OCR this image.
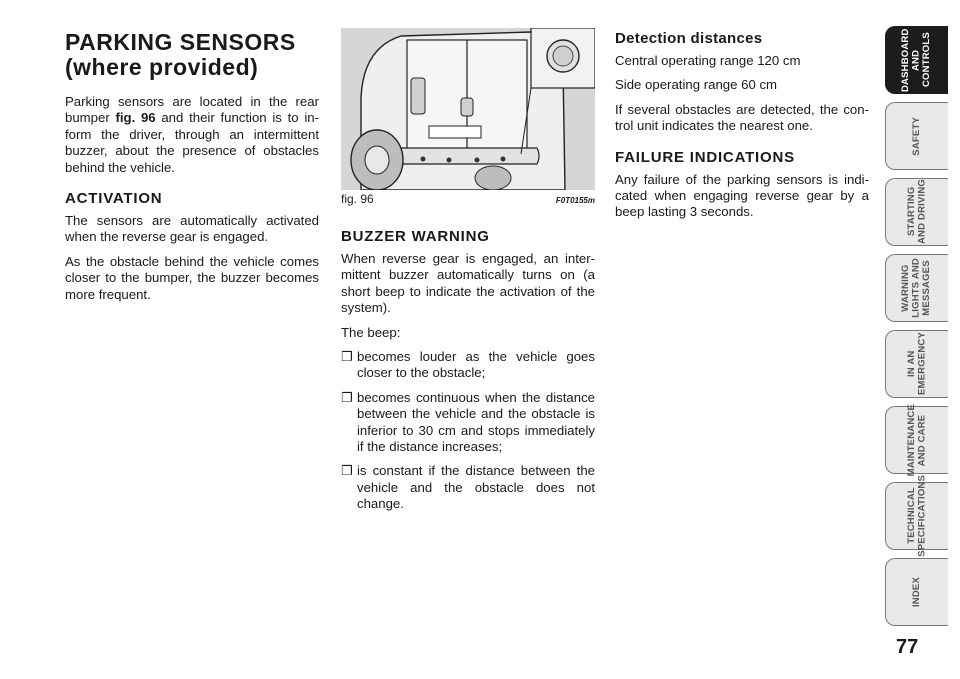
PARKING SENSORS
(where provided)

Parking sensors are located in the rear bumper fig. 96 and their function is to in-form the driver, through an intermittent buzzer, about the presence of obstacles behind the vehicle.

ACTIVATION

The sensors are automatically activated when the reverse gear is engaged.

As the obstacle behind the vehicle comes closer to the bumper, the buzzer becomes more frequent.

fig. 96	F0T0155m
BUZZER WARNING

When reverse gear is engaged, an inter-mittent buzzer automatically turns on (a short beep to indicate the activation of the system).

The beep:

❒ becomes louder as the vehicle goes closer to the obstacle;
❒ becomes continuous when the distance between the vehicle and the obstacle is inferior to 30 cm and stops immediately if the distance increases;
❒ is constant if the distance between the vehicle and the obstacle does not change.
Detection distances

Central operating range 120 cm

Side operating range 60 cm

If several obstacles are detected, the con-trol unit indicates the nearest one.

FAILURE INDICATIONS

Any failure of the parking sensors is indi-cated when engaging reverse gear by a beep lasting 3 seconds.

DASHBOARD
AND CONTROLS
SAFETY
STARTING
AND DRIVING
WARNING
LIGHTS AND
MESSAGES
IN AN
EMERGENCY
MAINTENANCE
AND CARE
TECHNICAL
SPECIFICATIONS
INDEX
77
